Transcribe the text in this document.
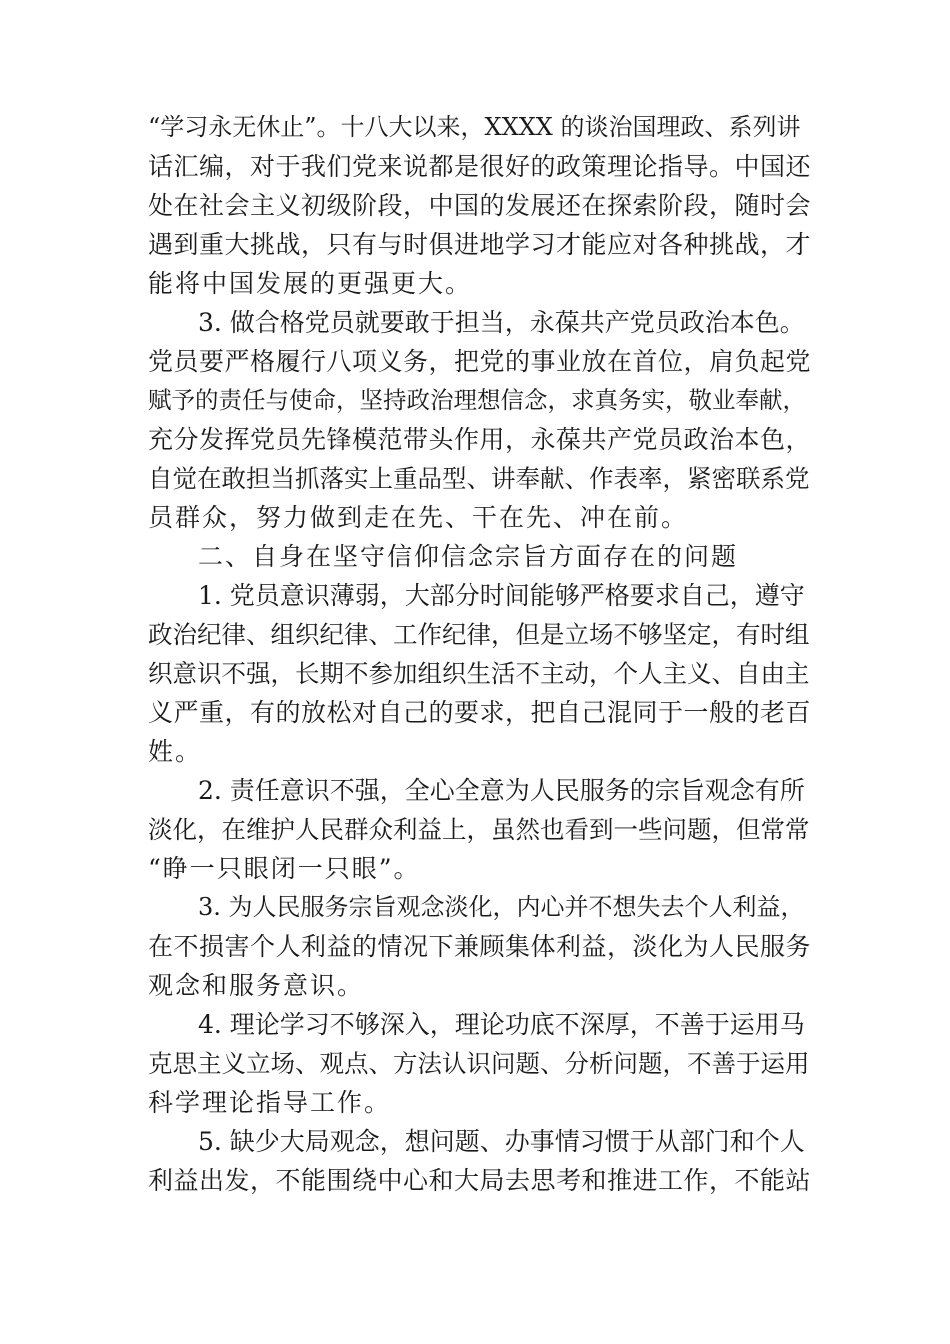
“学习永无休止”。十八大以来，XXXX 的谈治国理政、系列讲
话汇编，对于我们党来说都是很好的政策理论指导。中国还
处在社会主义初级阶段，中国的发展还在探索阶段，随时会
遇到重大挑战，只有与时俱进地学习才能应对各种挑战，才
能将中国发展的更强更大。
3. 做合格党员就要敢于担当，永葆共产党员政治本色。
党员要严格履行八项义务，把党的事业放在首位，肩负起党
赋予的责任与使命，坚持政治理想信念，求真务实，敬业奉献，
充分发挥党员先锋模范带头作用，永葆共产党员政治本色，
自觉在敢担当抓落实上重品型、讲奉献、作表率，紧密联系党
员群众，努力做到走在先、干在先、冲在前。
二、自身在坚守信仰信念宗旨方面存在的问题
1. 党员意识薄弱，大部分时间能够严格要求自己，遵守
政治纪律、组织纪律、工作纪律，但是立场不够坚定，有时组
织意识不强，长期不参加组织生活不主动，个人主义、自由主
义严重，有的放松对自己的要求，把自己混同于一般的老百
姓。
2. 责任意识不强，全心全意为人民服务的宗旨观念有所
淡化，在维护人民群众利益上，虽然也看到一些问题，但常常
“睁一只眼闭一只眼”。
3. 为人民服务宗旨观念淡化，内心并不想失去个人利益，
在不损害个人利益的情况下兼顾集体利益，淡化为人民服务
观念和服务意识。
4. 理论学习不够深入，理论功底不深厚，不善于运用马
克思主义立场、观点、方法认识问题、分析问题，不善于运用
科学理论指导工作。
5. 缺少大局观念，想问题、办事情习惯于从部门和个人
利益出发，不能围绕中心和大局去思考和推进工作，不能站
